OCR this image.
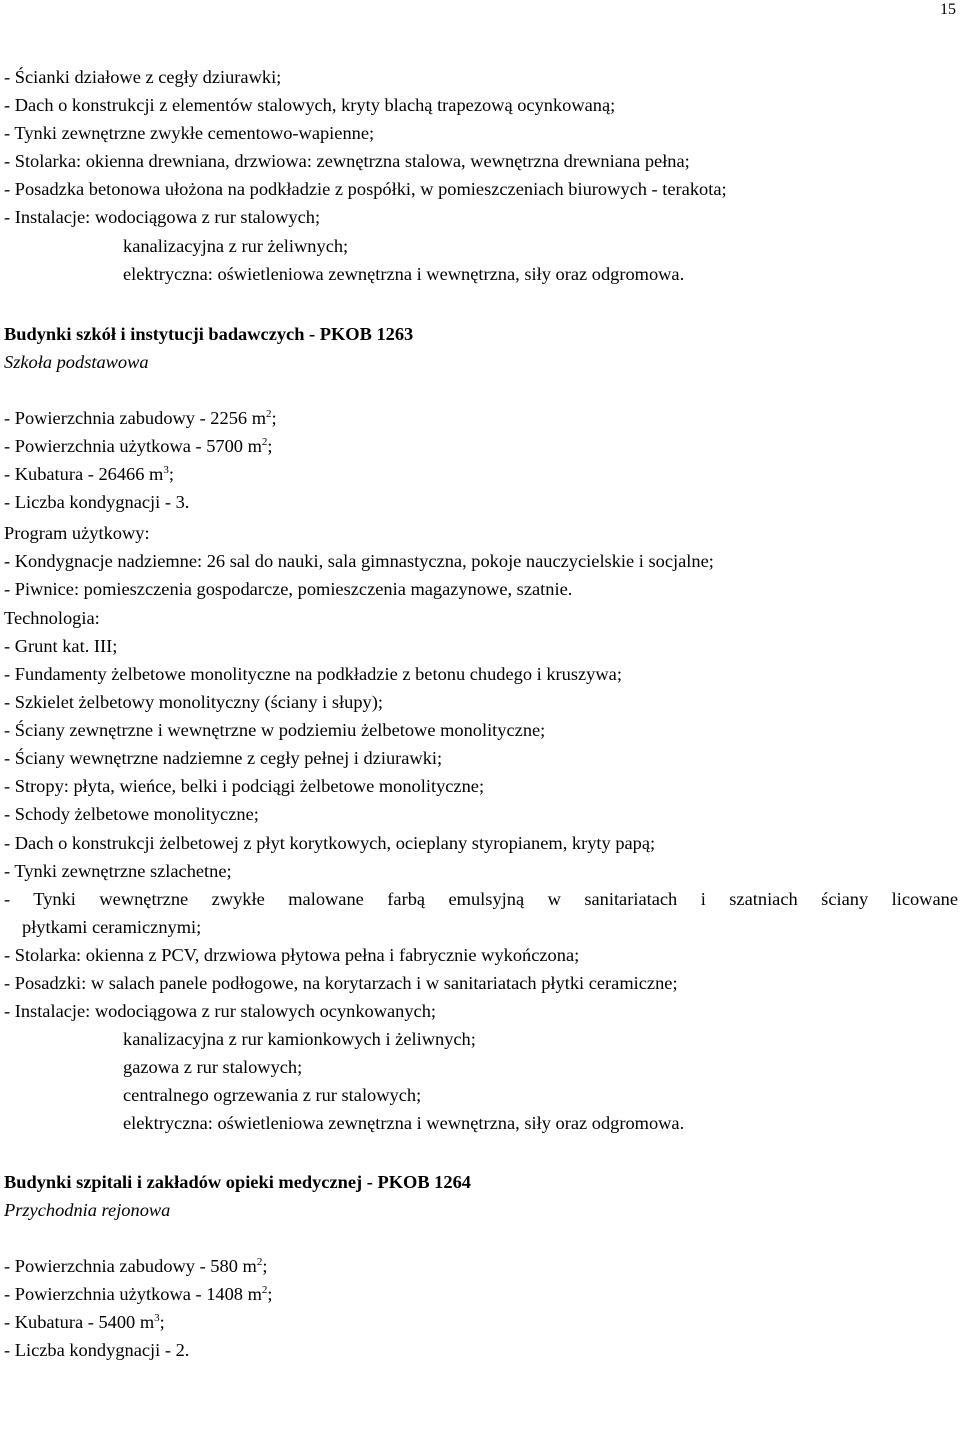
15
- Ścianki działowe z cegły dziurawki;
- Dach o konstrukcji z elementów stalowych, kryty blachą trapezową ocynkowaną;
- Tynki zewnętrzne zwykłe cementowo-wapienne;
- Stolarka: okienna drewniana, drzwiowa: zewnętrzna stalowa, wewnętrzna drewniana pełna;
- Posadzka betonowa ułożona na podkładzie z pospółki, w pomieszczeniach biurowych - terakota;
- Instalacje: wodociągowa z rur stalowych;
kanalizacyjna z rur żeliwnych;
elektryczna: oświetleniowa zewnętrzna i wewnętrzna, siły oraz odgromowa.
Budynki szkół i instytucji badawczych - PKOB 1263
Szkoła podstawowa
- Powierzchnia zabudowy - 2256 $m^2$;
- Powierzchnia użytkowa - 5700 $m^2$;
- Kubatura - 26466 $m^3$;
- Liczba kondygnacji - 3.
Program użytkowy:
- Kondygnacje nadziemne: 26 sal do nauki, sala gimnastyczna, pokoje nauczycielskie i socjalne;
- Piwnice: pomieszczenia gospodarcze, pomieszczenia magazynowe, szatnie.
Technologia:
- Grunt kat. III;
- Fundamenty żelbetowe monolityczne na podkładzie z betonu chudego i kruszywa;
- Szkielet żelbetowy monolityczny (ściany i słupy);
- Ściany zewnętrzne i wewnętrzne w podziemiu żelbetowe monolityczne;
- Ściany wewnętrzne nadziemne z cegły pełnej i dziurawki;
- Stropy: płyta, wieńce, belki i podciągi żelbetowe monolityczne;
- Schody żelbetowe monolityczne;
- Dach o konstrukcji żelbetowej z płyt korytkowych, ocieplany styropianem, kryty papą;
- Tynki zewnętrzne szlachetne;
- Tynki wewnętrzne zwykłe malowane farbą emulsyjną w sanitariatach i szatniach ściany licowane
płytkami ceramicznymi;
- Stolarka: okienna z PCV, drzwiowa płytowa pełna i fabrycznie wykończona;
- Posadzki: w salach panele podłogowe, na korytarzach i w sanitariatach płytki ceramiczne;
- Instalacje: wodociągowa z rur stalowych ocynkowanych;
kanalizacyjna z rur kamionkowych i żeliwnych;
gazowa z rur stalowych;
centralnego ogrzewania z rur stalowych;
elektryczna: oświetleniowa zewnętrzna i wewnętrzna, siły oraz odgromowa.
Budynki szpitali i zakładów opieki medycznej - PKOB 1264
Przychodnia rejonowa
- Powierzchnia zabudowy - 580 $m^2$;
- Powierzchnia użytkowa - 1408 $m^2$;
- Kubatura - 5400 $m^3$;
- Liczba kondygnacji - 2.
